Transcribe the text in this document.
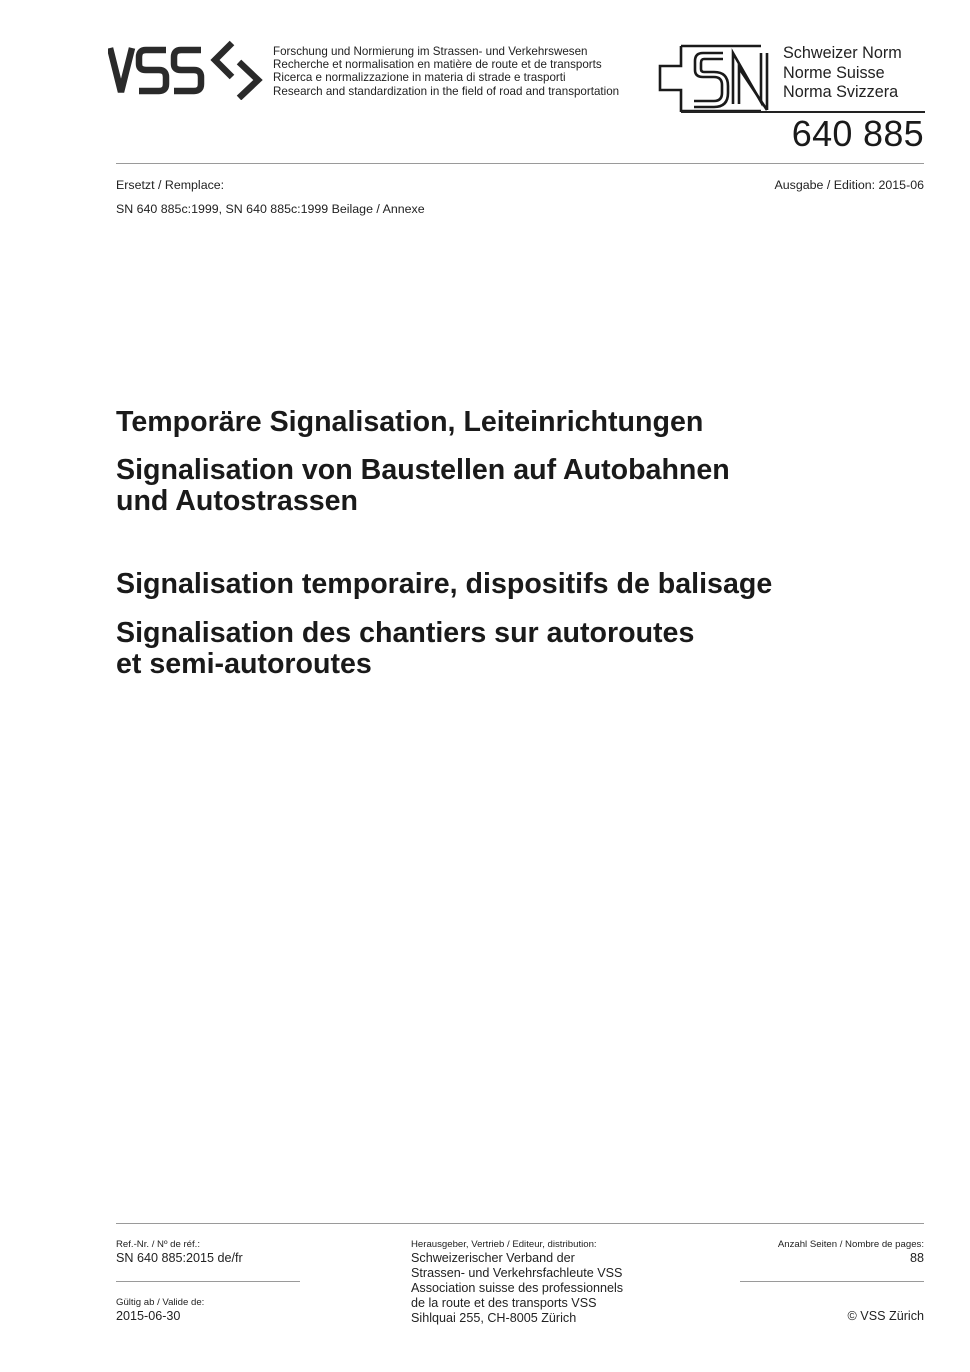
Forschung und Normierung im Strassen- und Verkehrswesen
Recherche et normalisation en matière de route et de transports
Ricerca e normalizzazione in materia di strade e trasporti
Research and standardization in the field of road and transportation
Schweizer Norm
Norme Suisse
Norma Svizzera
640 885
Ersetzt / Remplace:	Ausgabe / Edition: 2015-06
SN 640 885c:1999, SN 640 885c:1999 Beilage / Annexe
Temporäre Signalisation, Leiteinrichtungen
Signalisation von Baustellen auf Autobahnen
und Autostrassen
Signalisation temporaire, dispositifs de balisage
Signalisation des chantiers sur autoroutes
et semi-autoroutes
Ref.-Nr. / Nº de réf.:
SN 640 885:2015 de/fr
Gültig ab / Valide de:
2015-06-30
Herausgeber, Vertrieb / Editeur, distribution:
Schweizerischer Verband der
Strassen- und Verkehrsfachleute VSS
Association suisse des professionnels
de la route et des transports VSS
Sihlquai 255, CH-8005 Zürich
Anzahl Seiten / Nombre de pages:
88
© VSS Zürich
